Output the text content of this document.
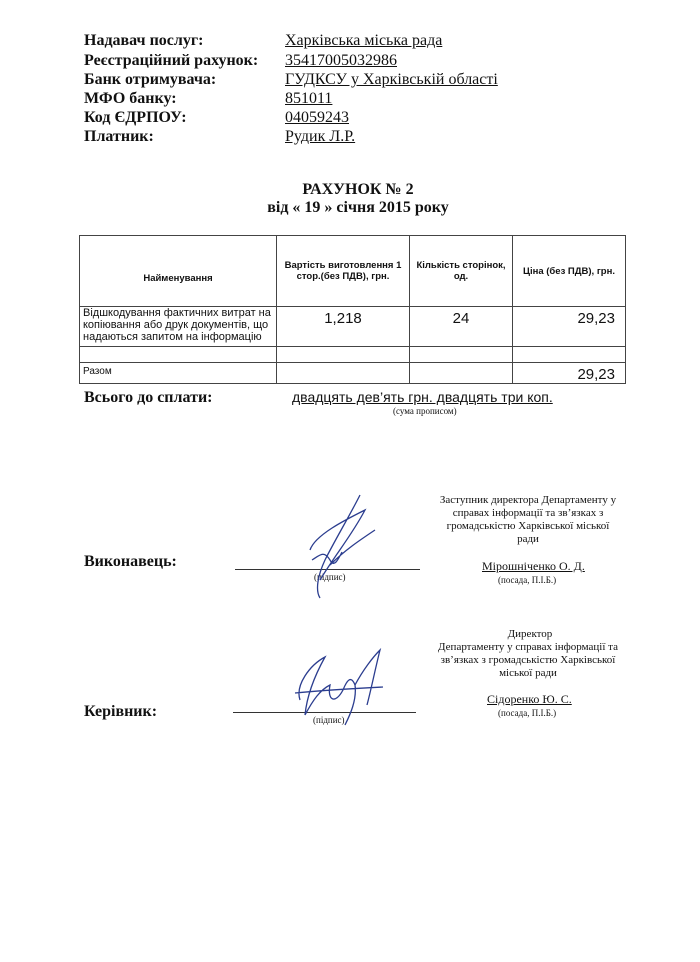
Надавач послуг:	Харківська міська рада
Реєстраційний рахунок: 35417005032986
Банк отримувача:	ГУДКСУ у Харківській області
МФО банку:	851011
Код ЄДРПОУ:	04059243
Платник:	Рудик Л.Р.
РАХУНОК № 2
від « 19 » січня 2015 року
Найменування	Вартість виготовлення 1 стор.(без ПДВ), грн.	Кількість сторінок, од.	Ціна (без ПДВ), грн.
Відшкодування фактичних витрат на копіювання або друк документів, що надаються запитом на інформацію	1,218	24	29,23

Разом			29,23
Всього до сплати:	двадцять дев’ять грн. двадцять три коп.
(сума прописом)
Заступник директора Департаменту у справах інформації та зв’язках з громадськістю Харківської міської ради
Виконавець:
(підпис)
Мірошніченко О. Д.
(посада, П.І.Б.)
Директор
Департаменту у справах інформації та зв’язках з громадськістю Харківської міської ради
Керівник:	(підпис)
Сідоренко Ю. С.
(посада, П.І.Б.)
